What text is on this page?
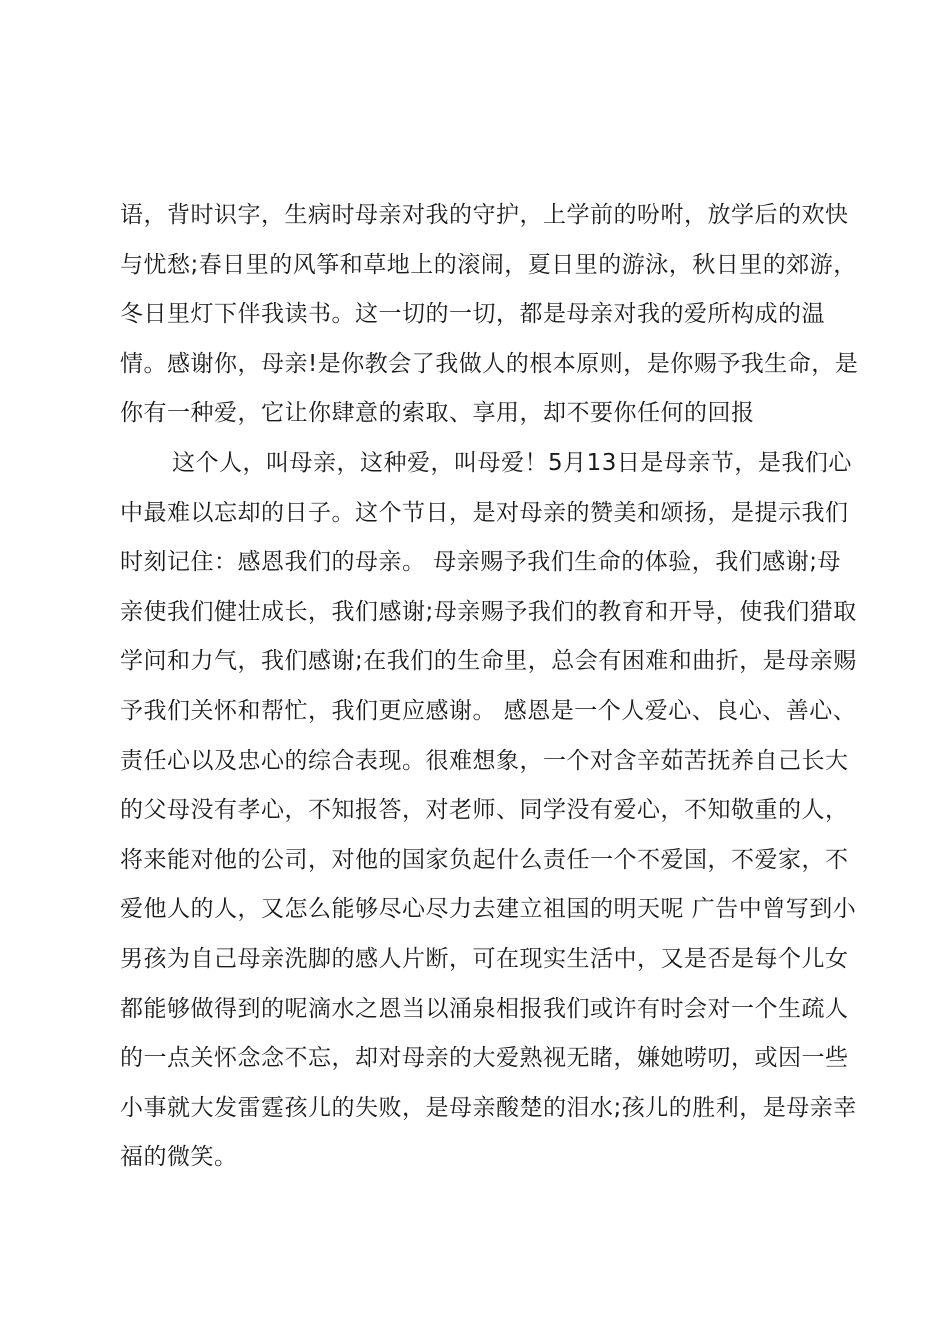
语，背时识字，生病时母亲对我的守护，上学前的吩咐，放学后的欢快
与忧愁;春日里的风筝和草地上的滚闹，夏日里的游泳，秋日里的郊游，
冬日里灯下伴我读书。这一切的一切，都是母亲对我的爱所构成的温
情。感谢你，母亲!是你教会了我做人的根本原则，是你赐予我生命，是
你有一种爱，它让你肆意的索取、享用，却不要你任何的回报
这个人，叫母亲，这种爱，叫母爱！5月13日是母亲节，是我们心
中最难以忘却的日子。这个节日，是对母亲的赞美和颂扬，是提示我们
时刻记住：感恩我们的母亲。 母亲赐予我们生命的体验，我们感谢;母
亲使我们健壮成长，我们感谢;母亲赐予我们的教育和开导，使我们猎取
学问和力气，我们感谢;在我们的生命里，总会有困难和曲折，是母亲赐
予我们关怀和帮忙，我们更应感谢。 感恩是一个人爱心、良心、善心、
责任心以及忠心的综合表现。很难想象，一个对含辛茹苦抚养自己长大
的父母没有孝心，不知报答，对老师、同学没有爱心，不知敬重的人，
将来能对他的公司，对他的国家负起什么责任一个不爱国，不爱家，不
爱他人的人，又怎么能够尽心尽力去建立祖国的明天呢 广告中曾写到小
男孩为自己母亲洗脚的感人片断，可在现实生活中，又是否是每个儿女
都能够做得到的呢滴水之恩当以涌泉相报我们或许有时会对一个生疏人
的一点关怀念念不忘，却对母亲的大爱熟视无睹，嫌她唠叨，或因一些
小事就大发雷霆孩儿的失败，是母亲酸楚的泪水;孩儿的胜利，是母亲幸
福的微笑。
